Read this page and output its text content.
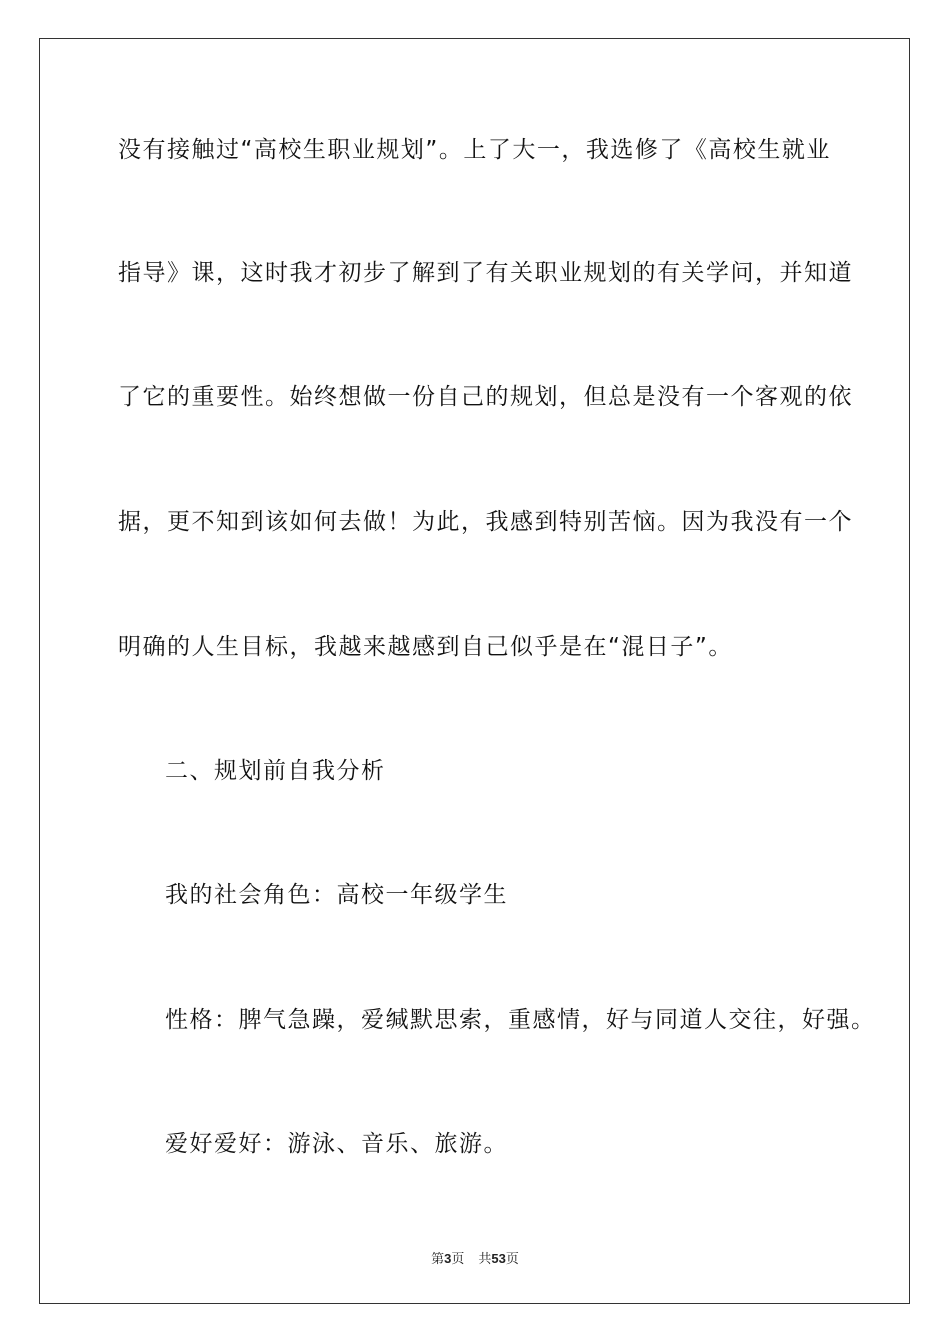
没有接触过“高校生职业规划”。上了大一，我选修了《高校生就业
指导》课，这时我才初步了解到了有关职业规划的有关学问，并知道
了它的重要性。始终想做一份自己的规划，但总是没有一个客观的依
据，更不知到该如何去做！为此，我感到特别苦恼。因为我没有一个
明确的人生目标，我越来越感到自己似乎是在“混日子”。
二、规划前自我分析
我的社会角色：高校一年级学生
性格：脾气急躁，爱缄默思索，重感情，好与同道人交往，好强。
爱好爱好：游泳、音乐、旅游。
第3页 共53页
